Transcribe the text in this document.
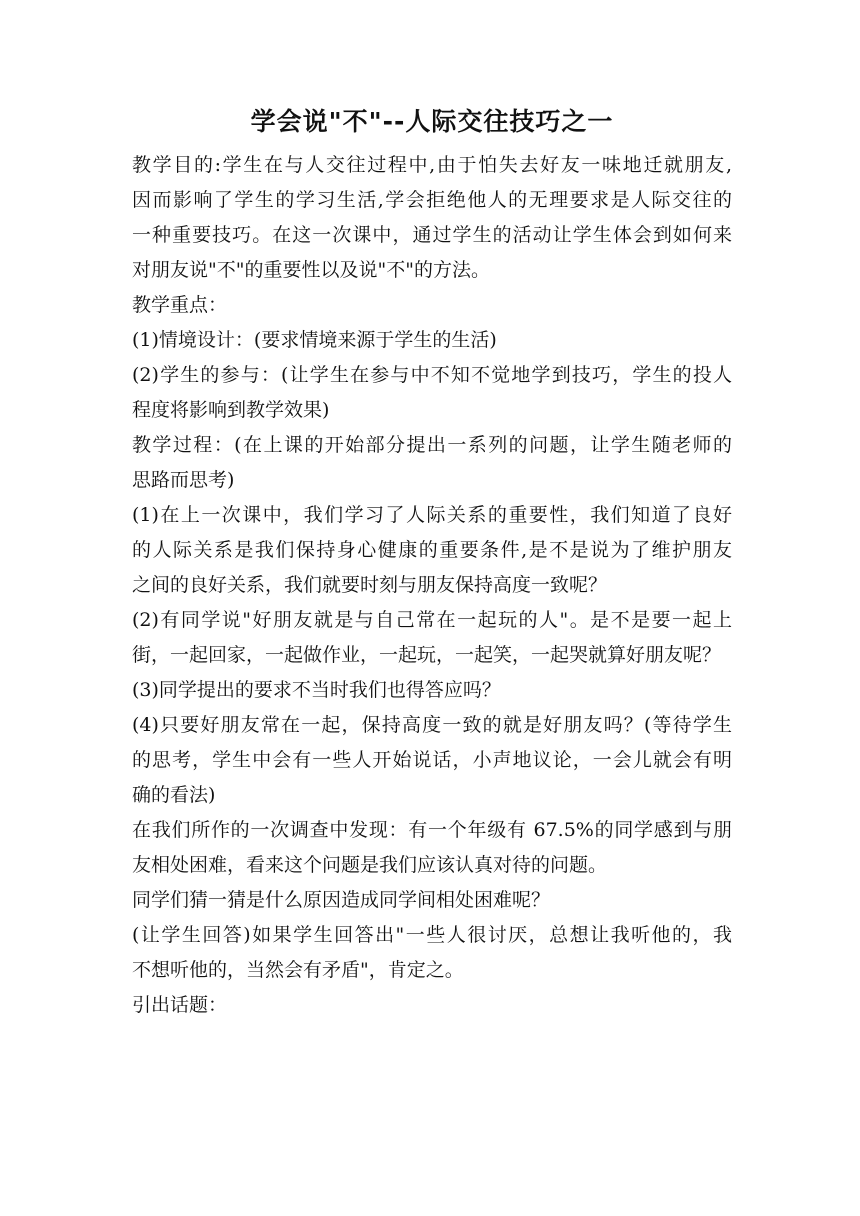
学会说"不"--人际交往技巧之一
教学目的:学生在与人交往过程中,由于怕失去好友一味地迁就朋友,
因而影响了学生的学习生活,学会拒绝他人的无理要求是人际交往的
一种重要技巧。在这一次课中，通过学生的活动让学生体会到如何来
对朋友说"不"的重要性以及说"不"的方法。
教学重点：
(1)情境设计：(要求情境来源于学生的生活)
(2)学生的参与：(让学生在参与中不知不觉地学到技巧，学生的投人
程度将影响到教学效果)
教学过程：(在上课的开始部分提出一系列的问题，让学生随老师的
思路而思考)
(1)在上一次课中，我们学习了人际关系的重要性，我们知道了良好
的人际关系是我们保持身心健康的重要条件,是不是说为了维护朋友
之间的良好关系，我们就要时刻与朋友保持高度一致呢？
(2)有同学说"好朋友就是与自己常在一起玩的人"。是不是要一起上
街，一起回家，一起做作业，一起玩，一起笑，一起哭就算好朋友呢？
(3)同学提出的要求不当时我们也得答应吗？
(4)只要好朋友常在一起，保持高度一致的就是好朋友吗？(等待学生
的思考，学生中会有一些人开始说话，小声地议论，一会儿就会有明
确的看法)
在我们所作的一次调查中发现：有一个年级有 67.5%的同学感到与朋
友相处困难，看来这个问题是我们应该认真对待的问题。
同学们猜一猜是什么原因造成同学间相处困难呢？
(让学生回答)如果学生回答出"一些人很讨厌，总想让我听他的，我
不想听他的，当然会有矛盾"，肯定之。
引出话题：
